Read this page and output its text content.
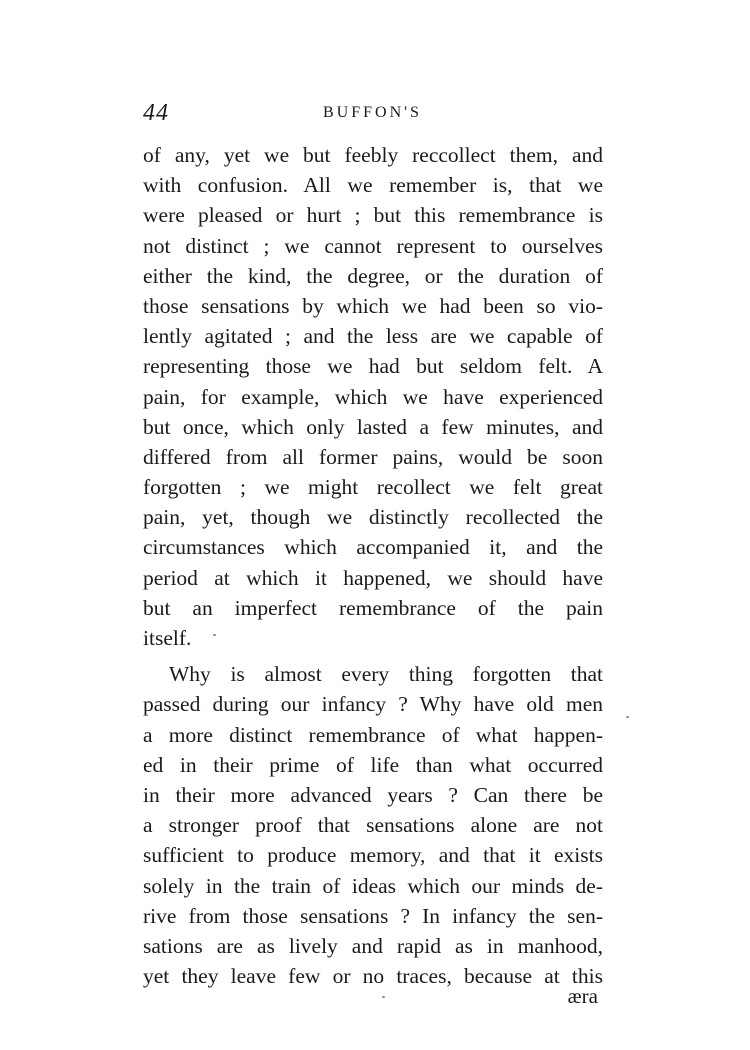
44	BUFFON'S
of any, yet we but feebly reccollect them, and
with confusion. All we remember is, that we
were pleased or hurt ; but this remembrance is
not distinct ; we cannot represent to ourselves
either the kind, the degree, or the duration of
those sensations by which we had been so vio-
lently agitated ; and the less are we capable of
representing those we had but seldom felt. A
pain, for example, which we have experienced
but once, which only lasted a few minutes, and
differed from all former pains, would be soon
forgotten ; we might recollect we felt great
pain, yet, though we distinctly recollected the
circumstances which accompanied it, and the
period at which it happened, we should have
but an imperfect remembrance of the pain
itself.
Why is almost every thing forgotten that
passed during our infancy ? Why have old men
a more distinct remembrance of what happen-
ed in their prime of life than what occurred
in their more advanced years ? Can there be
a stronger proof that sensations alone are not
sufficient to produce memory, and that it exists
solely in the train of ideas which our minds de-
rive from those sensations ? In infancy the sen-
sations are as lively and rapid as in manhood,
yet they leave few or no traces, because at this
æra
